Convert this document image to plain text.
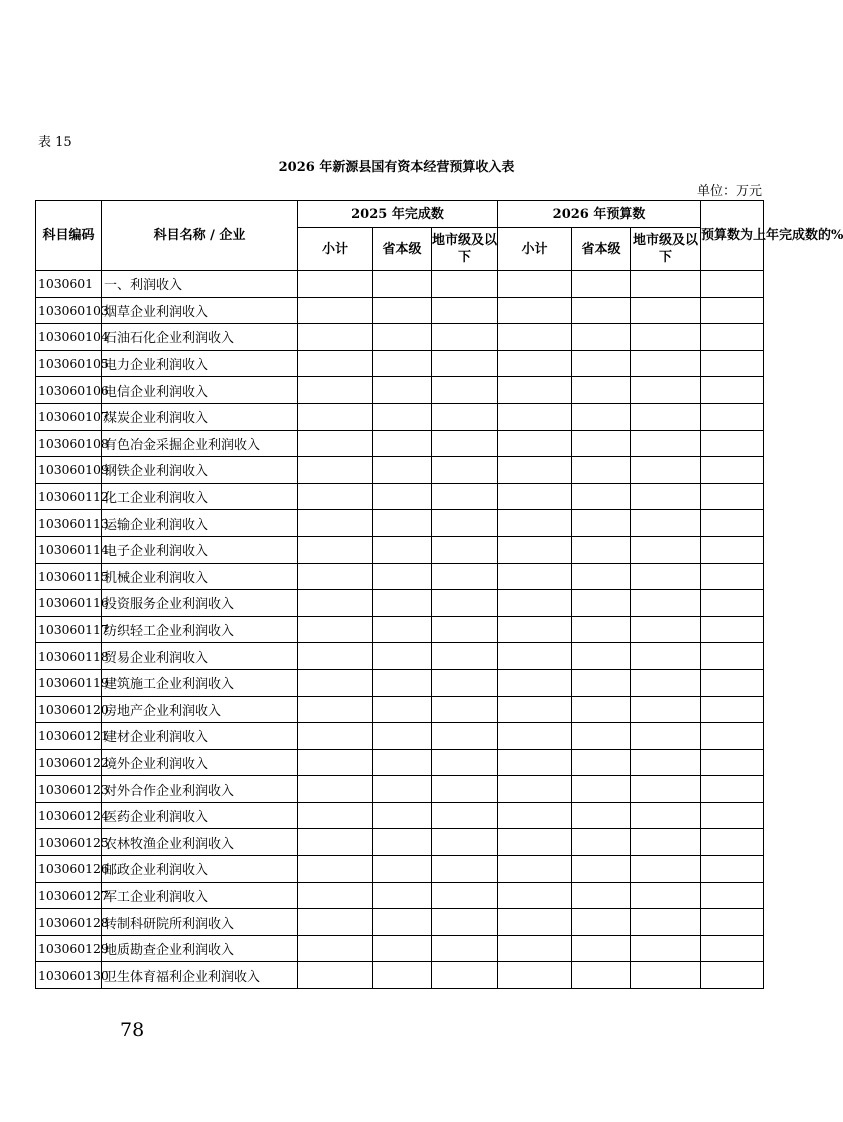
表 15
2026 年新源县国有资本经营预算收入表
单位：万元
科目编码	科目名称 / 企业	2025 年完成数			2026 年预算数			预算数为上年完成数的%
		小计	省本级	地市级及以下	小计	省本级	地市级及以下	
1030601	一、利润收入							
103060103	烟草企业利润收入							
103060104	石油石化企业利润收入							
103060105	电力企业利润收入							
103060106	电信企业利润收入							
103060107	煤炭企业利润收入							
103060108	有色冶金采掘企业利润收入							
103060109	钢铁企业利润收入							
103060112	化工企业利润收入							
103060113	运输企业利润收入							
103060114	电子企业利润收入							
103060115	机械企业利润收入							
103060116	投资服务企业利润收入							
103060117	纺织轻工企业利润收入							
103060118	贸易企业利润收入							
103060119	建筑施工企业利润收入							
103060120	房地产企业利润收入							
103060121	建材企业利润收入							
103060122	境外企业利润收入							
103060123	对外合作企业利润收入							
103060124	医药企业利润收入							
103060125	农林牧渔企业利润收入							
103060126	邮政企业利润收入							
103060127	军工企业利润收入							
103060128	转制科研院所利润收入							
103060129	地质勘查企业利润收入							
103060130	卫生体育福利企业利润收入							
78
